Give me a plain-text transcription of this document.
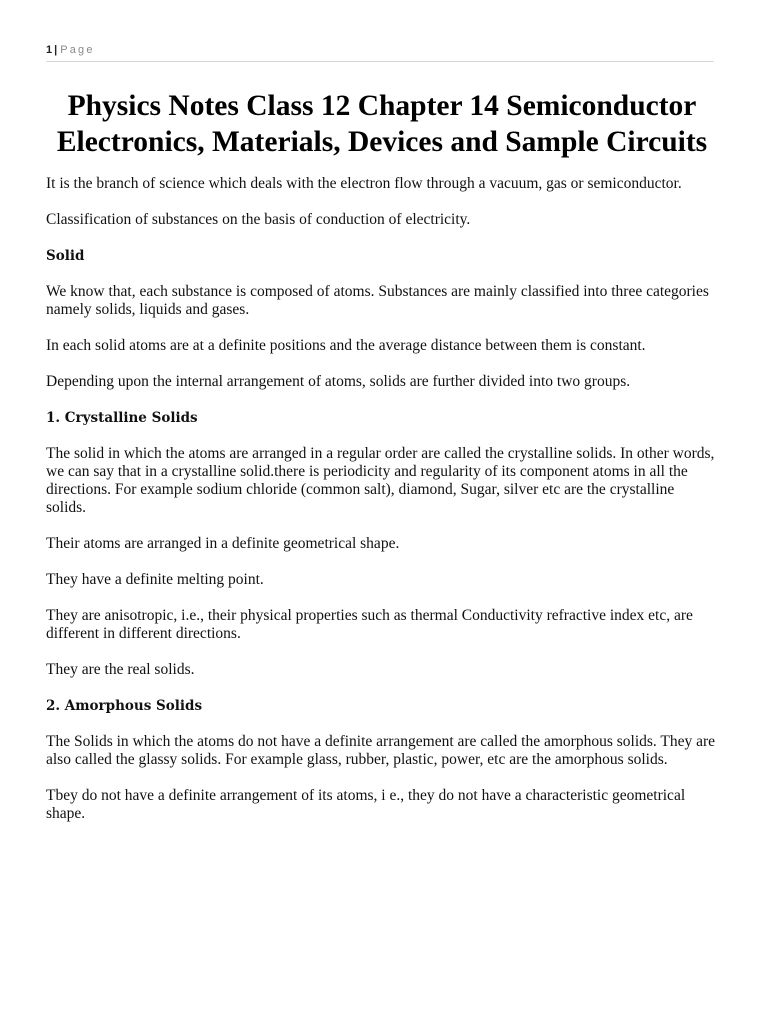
1 | Page
Physics Notes Class 12 Chapter 14 Semiconductor Electronics, Materials, Devices and Sample Circuits

It is the branch of science which deals with the electron flow through a vacuum, gas or semiconductor.

Classification of substances on the basis of conduction of electricity.

Solid

We know that, each substance is composed of atoms. Substances are mainly classified into three categories namely solids, liquids and gases.

In each solid atoms are at a definite positions and the average distance between them is constant.

Depending upon the internal arrangement of atoms, solids are further divided into two groups.

1. Crystalline Solids

The solid in which the atoms are arranged in a regular order are called the crystalline solids. In other words, we can say that in a crystalline solid.there is periodicity and regularity of its component atoms in all the directions. For example sodium chloride (common salt), diamond, Sugar, silver etc are the crystalline solids.

Their atoms are arranged in a definite geometrical shape.

They have a definite melting point.

They are anisotropic, i.e., their physical properties such as thermal Conductivity refractive index etc, are different in different directions.

They are the real solids.

2. Amorphous Solids

The Solids in which the atoms do not have a definite arrangement are called the amorphous solids. They are also called the glassy solids. For example glass, rubber, plastic, power, etc are the amorphous solids.

Tbey do not have a definite arrangement of its atoms, i e., they do not have a characteristic geometrical shape.
